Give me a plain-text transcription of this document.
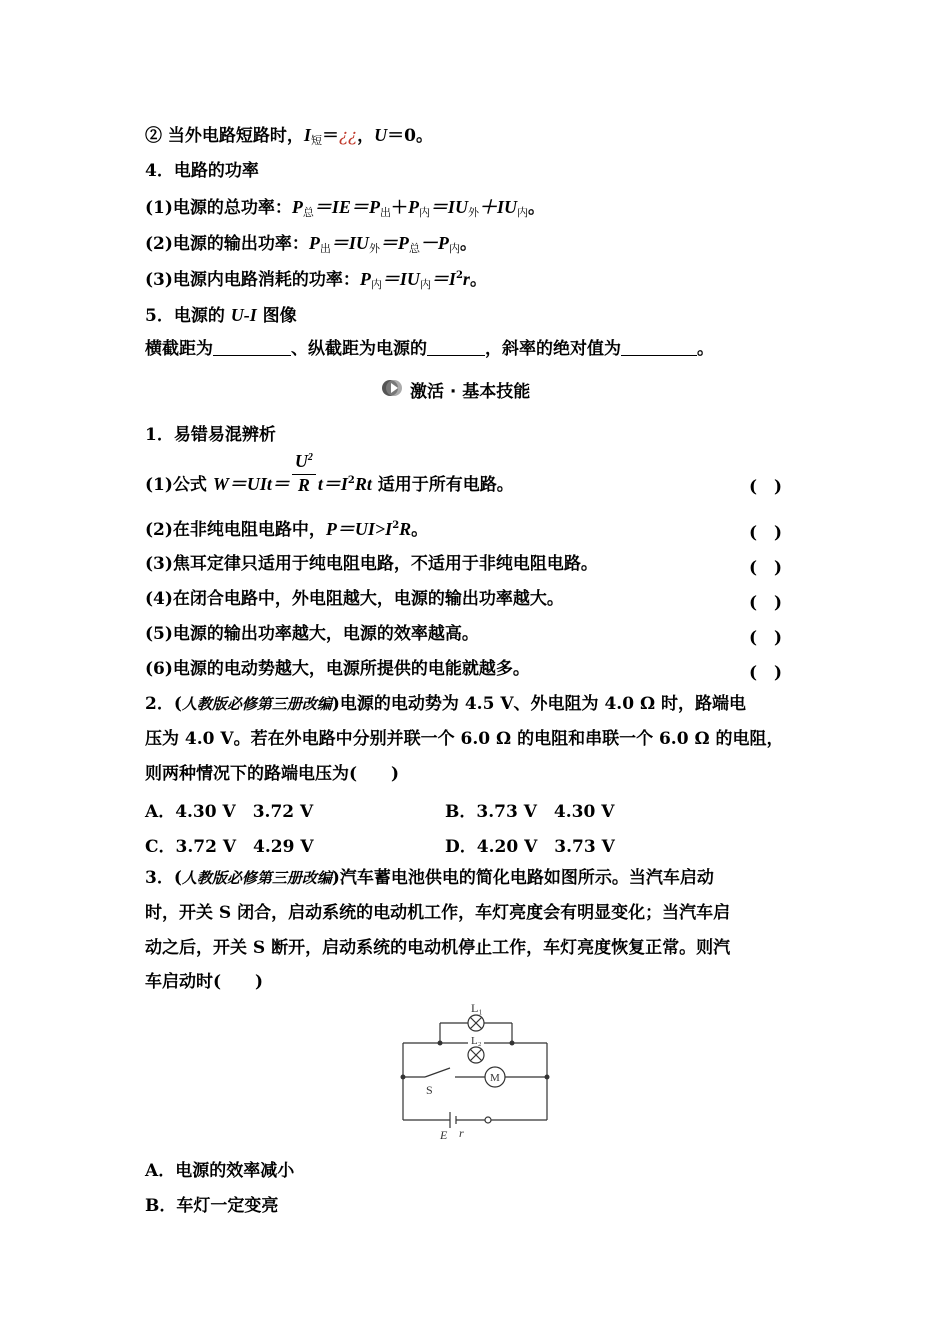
② 当外电路短路时，I短＝¿¿，U＝0。
4．电路的功率
(1)电源的总功率：P总＝IE＝P出＋P内＝IU外＋IU内。
(2)电源的输出功率：P出＝IU外＝P总－P内。
(3)电源内电路消耗的功率：P内＝IU内$=I^2r$。
5．电源的 U-I 图像
横截距为	、纵截距为电源的	，斜率的绝对值为	。
激活 · 基本技能
1．易错易混辨析
(1)公式 $W=UIt= \frac{U^2}{R} t=I^2Rt$ 适用于所有电路。	(　)
(2)在非纯电阻电路中，$P=UI>I^2R$。	(　)
(3)焦耳定律只适用于纯电阻电路，不适用于非纯电阻电路。	(　)
(4)在闭合电路中，外电阻越大，电源的输出功率越大。	(　)
(5)电源的输出功率越大，电源的效率越高。	(　)
(6)电源的电动势越大，电源所提供的电能就越多。	(　)
2．(人教版必修第三册改编)电源的电动势为 4.5 V、外电阻为 4.0 Ω 时，路端电
压为 4.0 V。若在外电路中分别并联一个 6.0 Ω 的电阻和串联一个 6.0 Ω 的电阻，
则两种情况下的路端电压为(　　)
A．4.30 V　3.72 V	B．3.73 V　4.30 V
C．3.72 V　4.29 V	D．4.20 V　3.73 V
3．(人教版必修第三册改编)汽车蓄电池供电的简化电路如图所示。当汽车启动
时，开关 S 闭合，启动系统的电动机工作，车灯亮度会有明显变化；当汽车启
动之后，开关 S 断开，启动系统的电动机停止工作，车灯亮度恢复正常。则汽
车启动时(　　)
L₁
L₂
M
S
E r
A．电源的效率减小
B．车灯一定变亮
